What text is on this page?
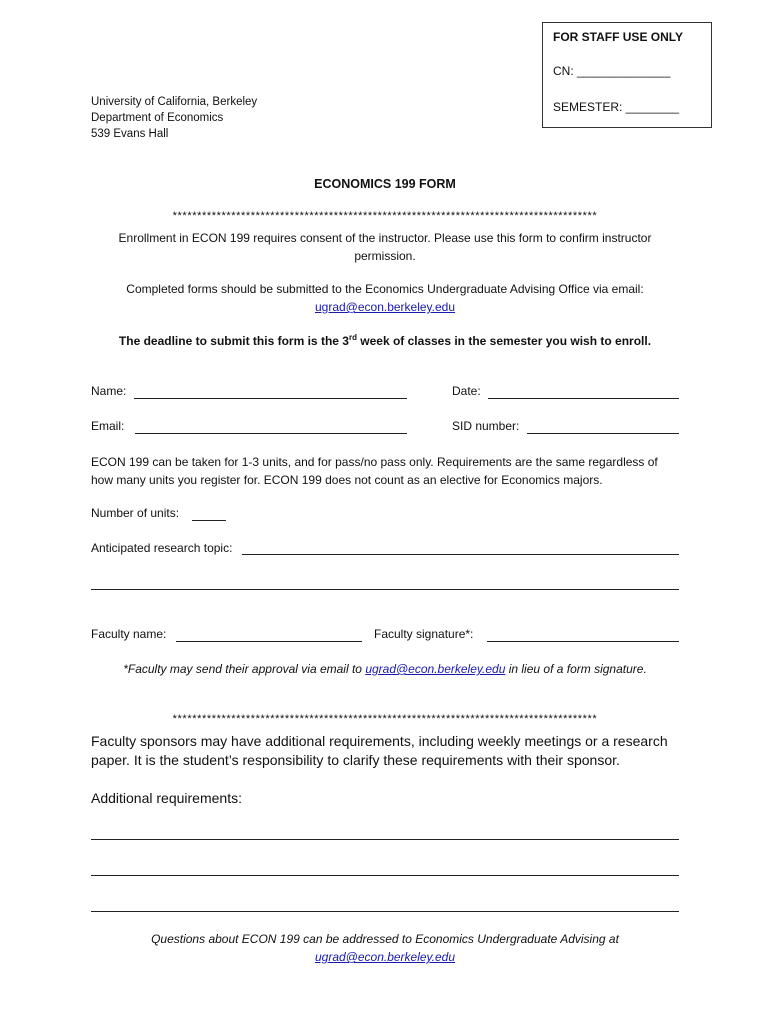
FOR STAFF USE ONLY
CN: ______________
SEMESTER: ________
University of California, Berkeley
Department of Economics
539 Evans Hall
ECONOMICS 199 FORM
***************************************************************************************
Enrollment in ECON 199 requires consent of the instructor. Please use this form to confirm instructor permission.
Completed forms should be submitted to the Economics Undergraduate Advising Office via email:
ugrad@econ.berkeley.edu
The deadline to submit this form is the 3rd week of classes in the semester you wish to enroll.
Name:	Date:
Email:	SID number:
ECON 199 can be taken for 1-3 units, and for pass/no pass only. Requirements are the same regardless of how many units you register for. ECON 199 does not count as an elective for Economics majors.
Number of units:
Anticipated research topic:
Faculty name:	Faculty signature*:
*Faculty may send their approval via email to ugrad@econ.berkeley.edu in lieu of a form signature.
***************************************************************************************
Faculty sponsors may have additional requirements, including weekly meetings or a research paper. It is the student’s responsibility to clarify these requirements with their sponsor.
Additional requirements:
Questions about ECON 199 can be addressed to Economics Undergraduate Advising at
ugrad@econ.berkeley.edu
